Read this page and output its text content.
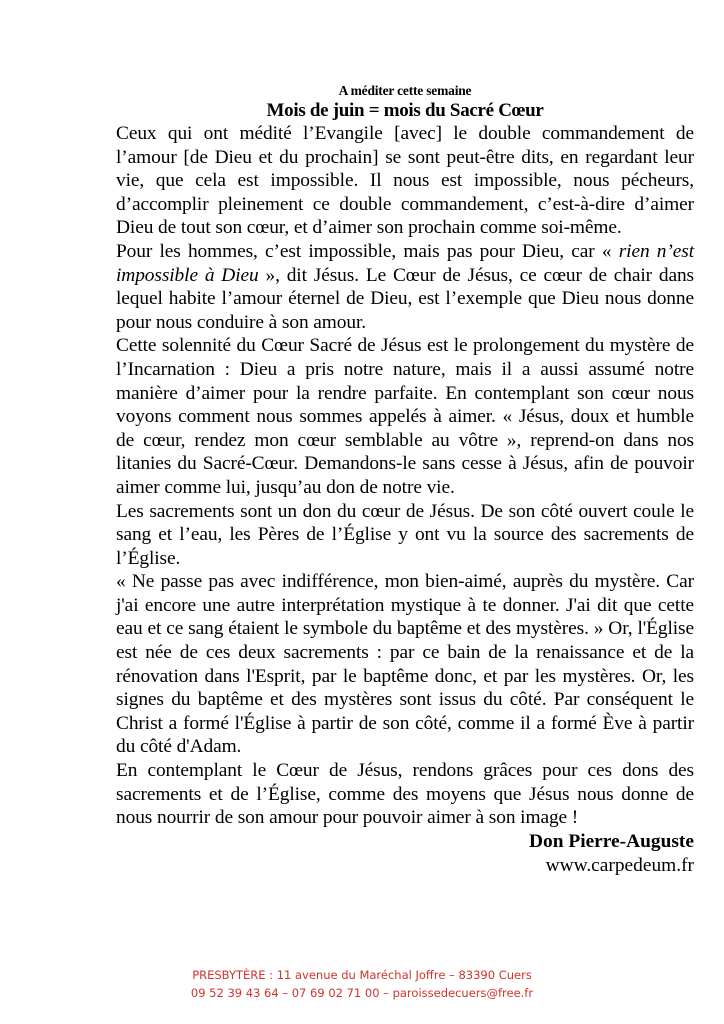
A méditer cette semaine

Mois de juin = mois du Sacré Cœur

Ceux qui ont médité l’Evangile [avec] le double commandement de l’amour [de Dieu et du prochain] se sont peut-être dits, en regardant leur vie, que cela est impossible. Il nous est impossible, nous pécheurs, d’accomplir pleinement ce double commandement, c’est-à-dire d’aimer Dieu de tout son cœur, et d’aimer son prochain comme soi-même.

Pour les hommes, c’est impossible, mais pas pour Dieu, car « rien n’est impossible à Dieu », dit Jésus. Le Cœur de Jésus, ce cœur de chair dans lequel habite l’amour éternel de Dieu, est l’exemple que Dieu nous donne pour nous conduire à son amour.

Cette solennité du Cœur Sacré de Jésus est le prolongement du mystère de l’Incarnation : Dieu a pris notre nature, mais il a aussi assumé notre manière d’aimer pour la rendre parfaite. En contemplant son cœur nous voyons comment nous sommes appelés à aimer. « Jésus, doux et humble de cœur, rendez mon cœur semblable au vôtre », reprend-on dans nos litanies du Sacré-Cœur. Demandons-le sans cesse à Jésus, afin de pouvoir aimer comme lui, jusqu’au don de notre vie.

Les sacrements sont un don du cœur de Jésus. De son côté ouvert coule le sang et l’eau, les Pères de l’Église y ont vu la source des sacrements de l’Église.

« Ne passe pas avec indifférence, mon bien-aimé, auprès du mystère. Car j'ai encore une autre interprétation mystique à te donner. J'ai dit que cette eau et ce sang étaient le symbole du baptême et des mystères. » Or, l'Église est née de ces deux sacrements : par ce bain de la renaissance et de la rénovation dans l'Esprit, par le baptême donc, et par les mystères. Or, les signes du baptême et des mystères sont issus du côté. Par conséquent le Christ a formé l'Église à partir de son côté, comme il a formé Ève à partir du côté d'Adam.

En contemplant le Cœur de Jésus, rendons grâces pour ces dons des sacrements et de l’Église, comme des moyens que Jésus nous donne de nous nourrir de son amour pour pouvoir aimer à son image !

Don Pierre-Auguste

www.carpedeum.fr

PRESBYTÈRE : 11 avenue du Maréchal Joffre – 83390 Cuers

09 52 39 43 64 – 07 69 02 71 00 – paroissedecuers@free.fr
